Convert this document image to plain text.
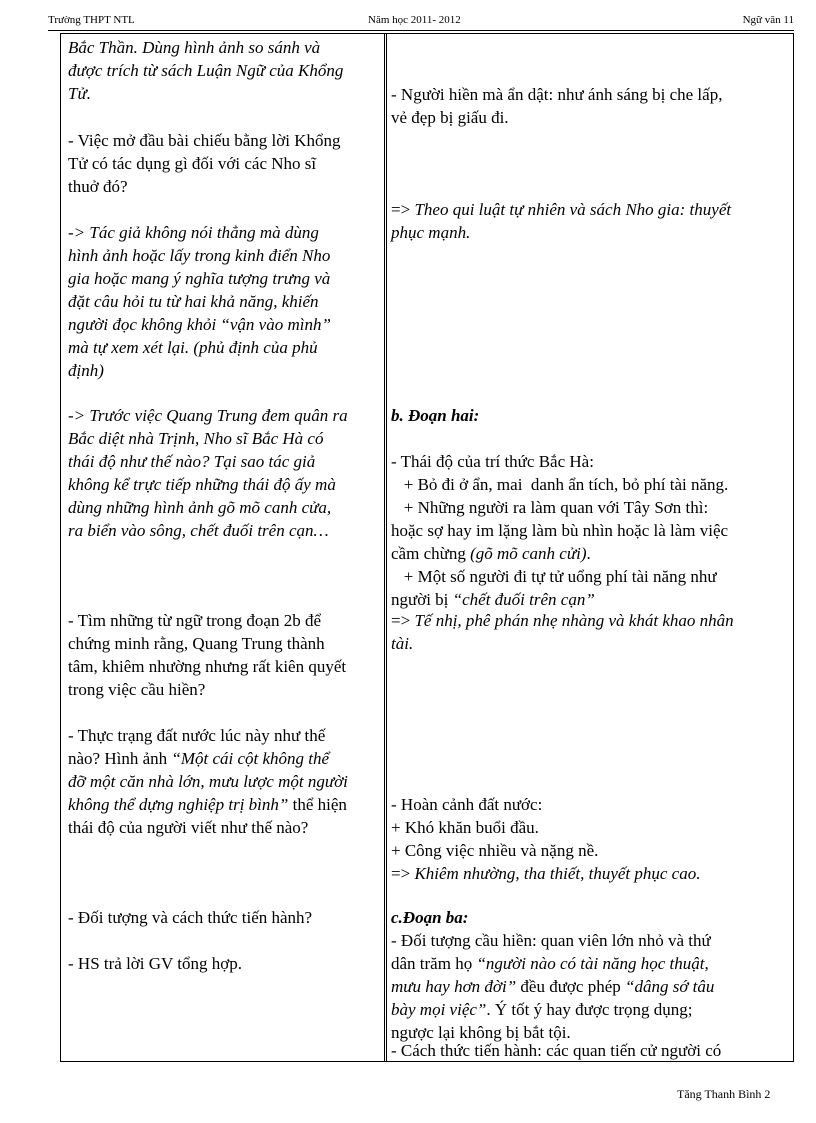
Trường THPT NTL	Năm học 2011- 2012	Ngữ văn 11
Bắc Thần. Dùng hình ảnh so sánh và
được trích từ sách Luận Ngữ của Khổng
Tử.
- Việc mở đầu bài chiếu bằng lời Khổng
Tử có tác dụng gì đối với các Nho sĩ
thuở đó?
-> Tác giả không nói thẳng mà dùng
hình ảnh hoặc lấy trong kinh điển Nho
gia hoặc mang ý nghĩa tượng trưng và
đặt câu hỏi tu từ hai khả năng, khiến
người đọc không khỏi “vận vào mình”
mà tự xem xét lại. (phủ định của phủ
định)
-> Trước việc Quang Trung đem quân ra
Bắc diệt nhà Trịnh, Nho sĩ Bắc Hà có
thái độ như thế nào? Tại sao tác giả
không kể trực tiếp những thái độ ấy mà
dùng những hình ảnh gõ mõ canh cửa,
ra biển vào sông, chết đuối trên cạn…
- Tìm những từ ngữ trong đoạn 2b để
chứng minh rằng, Quang Trung thành
tâm, khiêm nhường nhưng rất kiên quyết
trong việc cầu hiền?
- Thực trạng đất nước lúc này như thế
nào? Hình ảnh “Một cái cột không thể
đỡ một căn nhà lớn, mưu lược một người
không thể dựng nghiệp trị bình” thể hiện
thái độ của người viết như thế nào?
- Đối tượng và cách thức tiến hành?
- HS trả lời GV tổng hợp.
- Người hiền mà ẩn dật: như ánh sáng bị che lấp,
vẻ đẹp bị giấu đi.
=> Theo qui luật tự nhiên và sách Nho gia: thuyết
phục mạnh.
b. Đoạn hai:
- Thái độ của trí thức Bắc Hà:
+ Bỏ đi ở ẩn, mai  danh ẩn tích, bỏ phí tài năng.
+ Những người ra làm quan với Tây Sơn thì:
hoặc sợ hay im lặng làm bù nhìn hoặc là làm việc
cầm chừng (gõ mõ canh cửi).
+ Một số người đi tự tử uổng phí tài năng như
người bị “chết đuối trên cạn”
=> Tế nhị, phê phán nhẹ nhàng và khát khao nhân
tài.
- Hoàn cảnh đất nước:
+ Khó khăn buổi đầu.
+ Công việc nhiều và nặng nề.
=> Khiêm nhường, tha thiết, thuyết phục cao.
c.Đoạn ba:
- Đối tượng cầu hiền: quan viên lớn nhỏ và thứ
dân trăm họ “người nào có tài năng học thuật,
mưu hay hơn đời” đều được phép “dâng sớ tâu
bày mọi việc”. Ý tốt ý hay được trọng dụng;
ngược lại không bị bắt tội.
- Cách thức tiến hành: các quan tiến cử người có
Tăng Thanh Bình 2
